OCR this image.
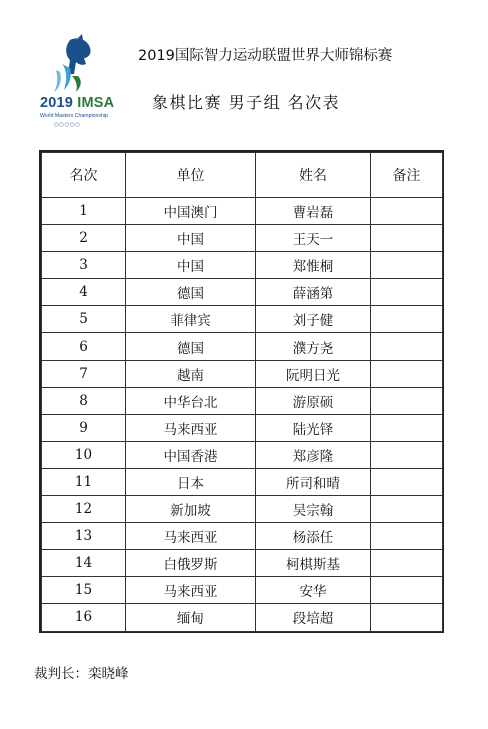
2019 IMSA
World Masters Championship
○○○○○
2019国际智力运动联盟世界大师锦标赛
象棋比赛 男子组 名次表
名次	单位	姓名	备注
1	中国澳门	曹岩磊	
2	中国	王天一	
3	中国	郑惟桐	
4	德国	薛涵第	
5	菲律宾	刘子健	
6	德国	濮方尧	
7	越南	阮明日光	
8	中华台北	游原硕	
9	马来西亚	陆光铎	
10	中国香港	郑彦隆	
11	日本	所司和晴	
12	新加坡	吴宗翰	
13	马来西亚	杨添任	
14	白俄罗斯	柯棋斯基	
15	马来西亚	安华	
16	缅甸	段培超	
裁判长：栾晓峰
